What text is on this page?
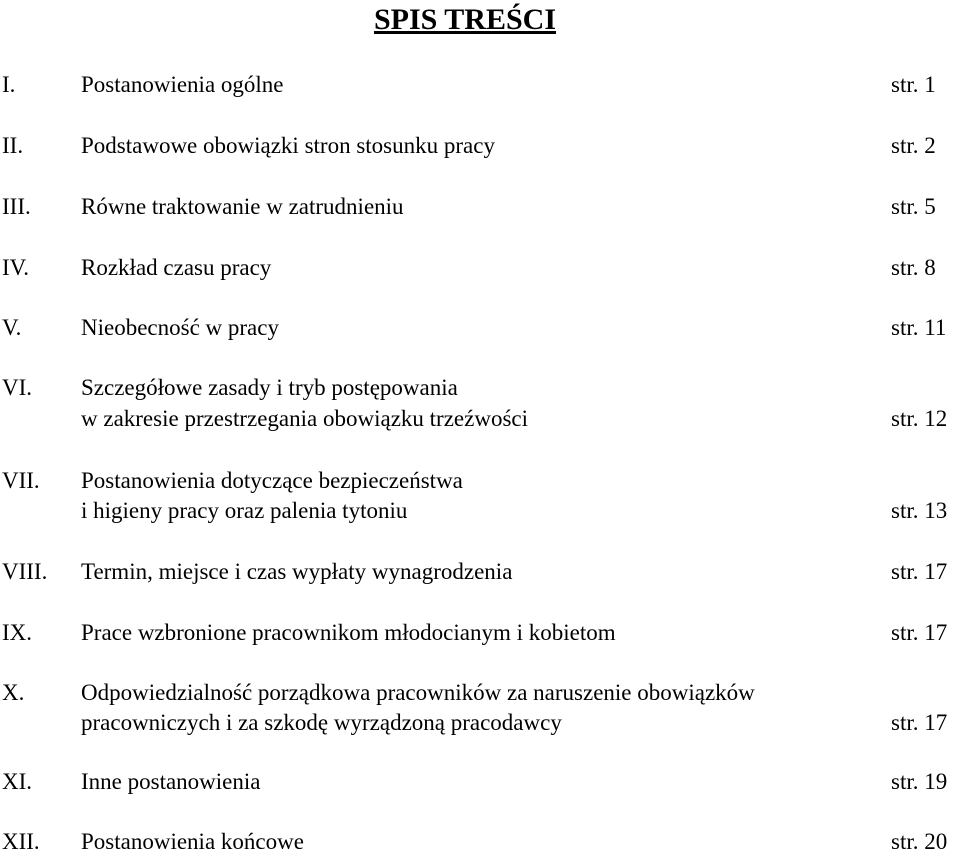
SPIS TREŚCI
I.	Postanowienia ogólne	str. 1
II.	Podstawowe obowiązki stron stosunku pracy	str. 2
III. Równe traktowanie w zatrudnieniu	str. 5
IV. Rozkład czasu pracy	str. 8
V.	Nieobecność w pracy	str. 11
VI. Szczegółowe zasady i tryb postępowania
w zakresie przestrzegania obowiązku trzeźwości	str. 12
VII. Postanowienia dotyczące bezpieczeństwa
i higieny pracy oraz palenia tytoniu	str. 13
VIII. Termin, miejsce i czas wypłaty wynagrodzenia	str. 17
IX. Prace wzbronione pracownikom młodocianym i kobietom	str. 17
X. Odpowiedzialność porządkowa pracowników za naruszenie obowiązków
pracowniczych i za szkodę wyrządzoną pracodawcy	str. 17
XI. Inne postanowienia	str. 19
XII. Postanowienia końcowe	str. 20
